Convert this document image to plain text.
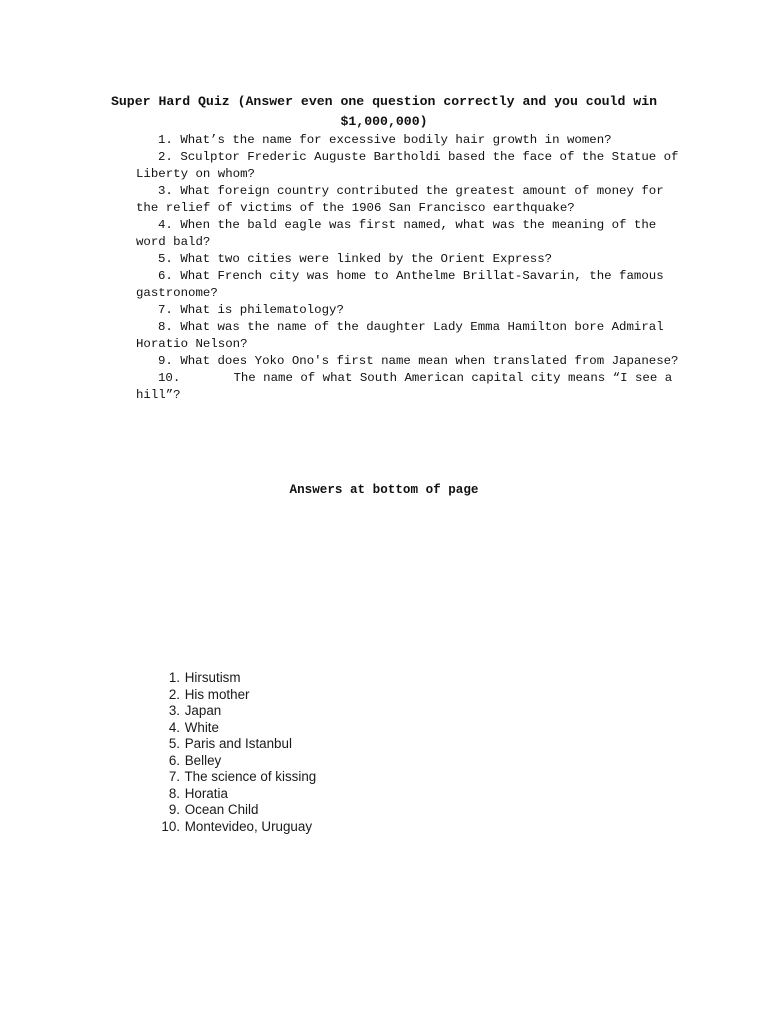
Super Hard Quiz (Answer even one question correctly and you could win $1,000,000)
1. What’s the name for excessive bodily hair growth in women?
2. Sculptor Frederic Auguste Bartholdi based the face of the Statue of Liberty on whom?
3. What foreign country contributed the greatest amount of money for the relief of victims of the 1906 San Francisco earthquake?
4. When the bald eagle was first named, what was the meaning of the word bald?
5. What two cities were linked by the Orient Express?
6. What French city was home to Anthelme Brillat-Savarin, the famous gastronome?
7. What is philematology?
8. What was the name of the daughter Lady Emma Hamilton bore Admiral Horatio Nelson?
9. What does Yoko Ono's first name mean when translated from Japanese?
10.	The name of what South American capital city means “I see a hill”?
Answers at bottom of page
1. Hirsutism
2. His mother
3. Japan
4. White
5. Paris and Istanbul
6. Belley
7. The science of kissing
8. Horatia
9. Ocean Child
10. Montevideo, Uruguay
